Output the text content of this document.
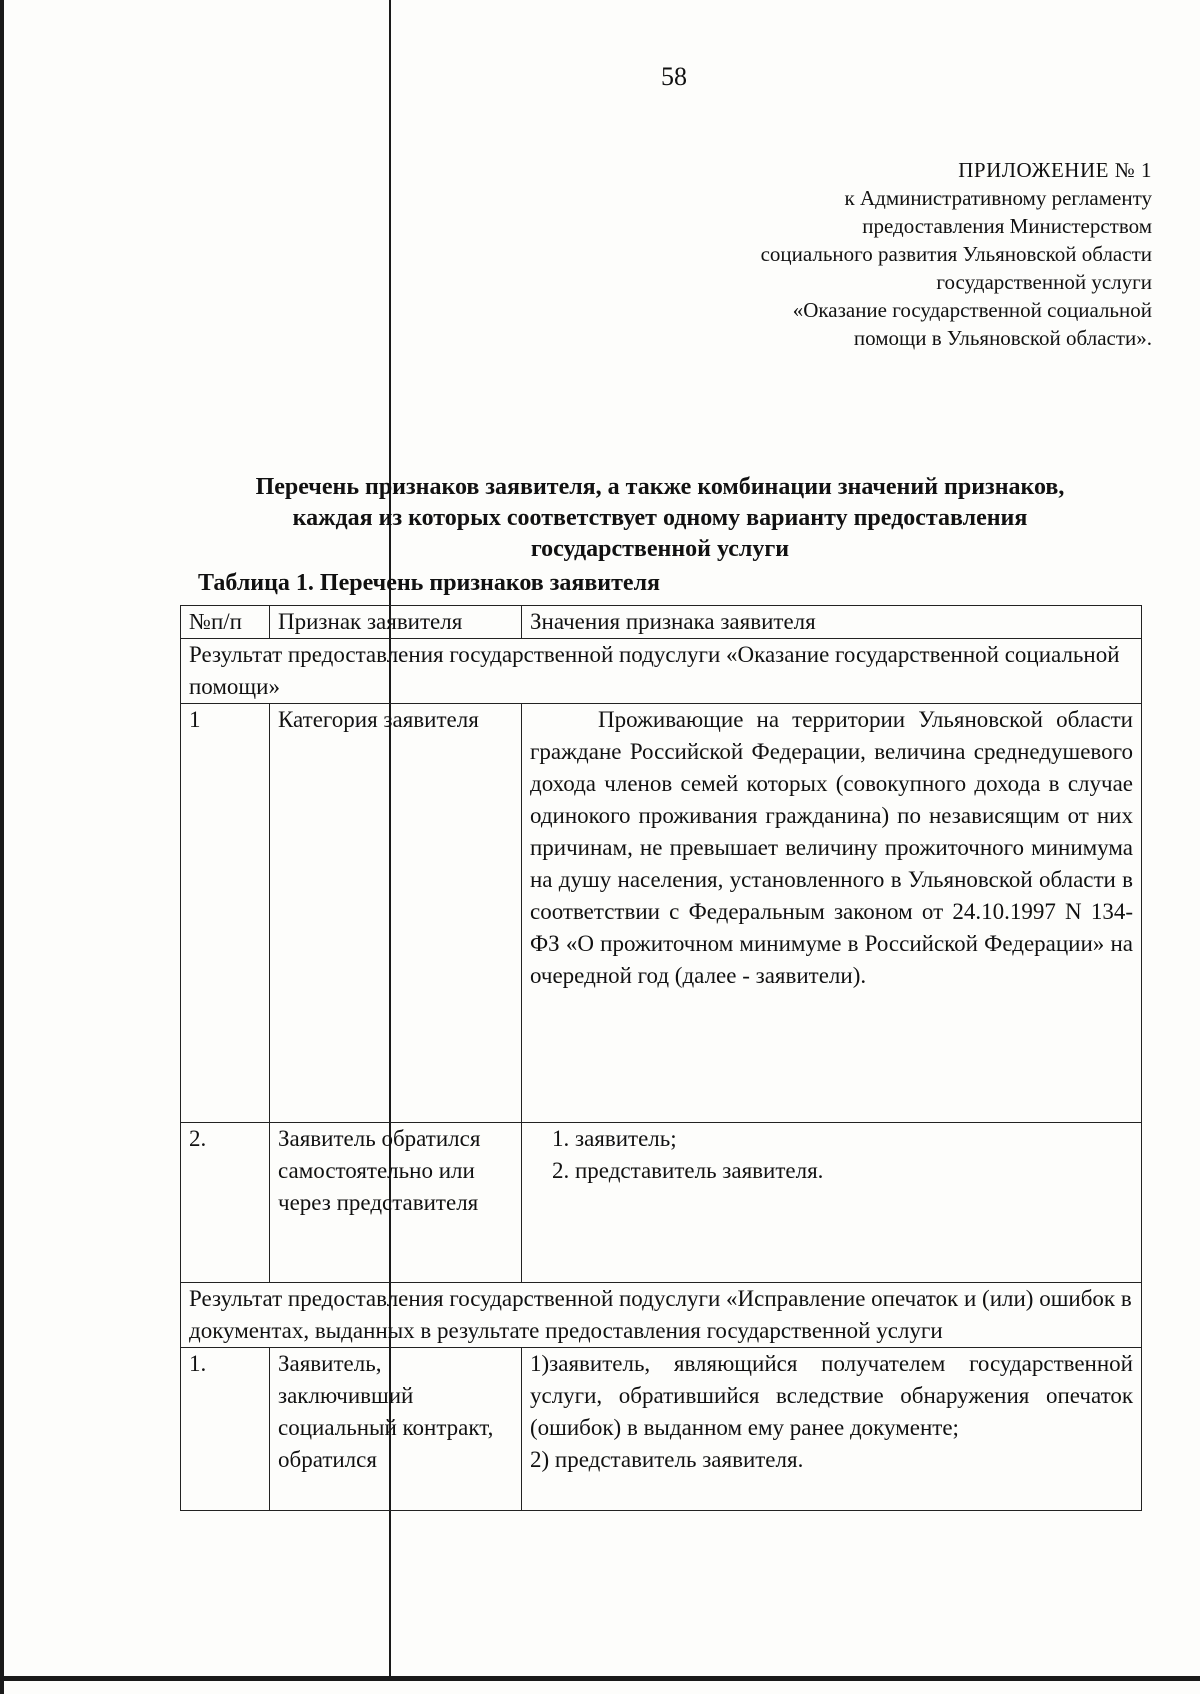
58
ПРИЛОЖЕНИЕ № 1
к Административному регламенту
предоставления Министерством
социального развития Ульяновской области
государственной услуги
«Оказание государственной социальной
помощи в Ульяновской области».
Перечень признаков заявителя, а также комбинации значений признаков,
каждая из которых соответствует одному варианту предоставления
государственной услуги
Таблица 1. Перечень признаков заявителя
№п/п	Признак заявителя	Значения признака заявителя
Результат предоставления государственной подуслуги «Оказание государственной социальной помощи»		
1	Категория заявителя	Проживающие на территории Ульяновской области граждане Российской Федерации, величина среднедушевого дохода членов семей которых (совокупного дохода в случае одинокого проживания гражданина) по независящим от них причинам, не превышает величину прожиточного минимума на душу населения, установленного в Ульяновской области в соответствии с Федеральным законом от 24.10.1997 N 134-ФЗ «О прожиточном минимуме в Российской Федерации» на очередной год (далее - заявители).
2.	Заявитель обратился самостоятельно или через представителя	1. заявитель;
2. представитель заявителя.

Результат предоставления государственной подуслуги «Исправление опечаток и (или) ошибок в документах, выданных в результате предоставления государственной услуги		
1.	Заявитель, заключивший социальный контракт, обратился	1)заявитель, являющийся получателем государственной услуги, обратившийся вследствие обнаружения опечаток (ошибок) в выданном ему ранее документе;
2) представитель заявителя.
